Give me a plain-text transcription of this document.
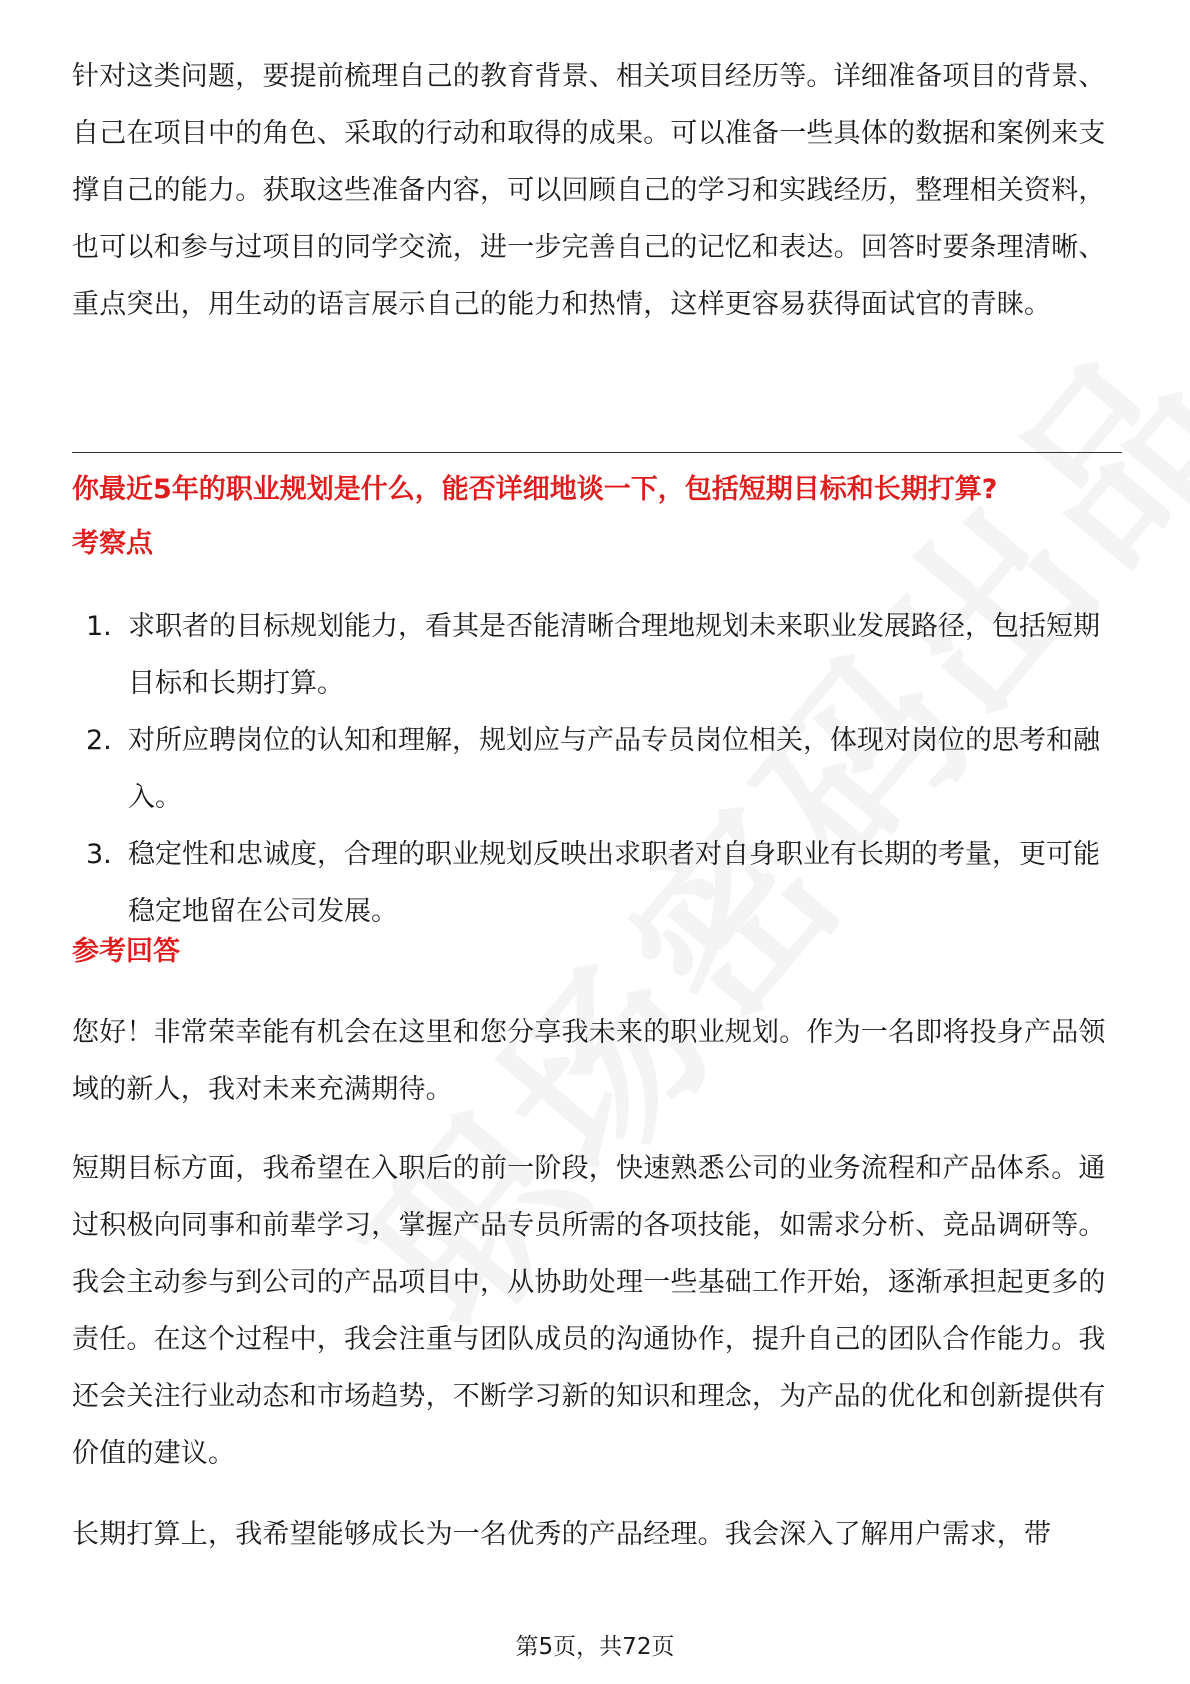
针对这类问题，要提前梳理自己的教育背景、相关项目经历等。详细准备项目的背景、自己在项目中的角色、采取的行动和取得的成果。可以准备一些具体的数据和案例来支撑自己的能力。获取这些准备内容，可以回顾自己的学习和实践经历，整理相关资料，也可以和参与过项目的同学交流，进一步完善自己的记忆和表达。回答时要条理清晰、重点突出，用生动的语言展示自己的能力和热情，这样更容易获得面试官的青睐。

你最近5年的职业规划是什么，能否详细地谈一下，包括短期目标和长期打算?

考察点

1. 求职者的目标规划能力，看其是否能清晰合理地规划未来职业发展路径，包括短期目标和长期打算。
2. 对所应聘岗位的认知和理解，规划应与产品专员岗位相关，体现对岗位的思考和融入。
3. 稳定性和忠诚度，合理的职业规划反映出求职者对自身职业有长期的考量，更可能稳定地留在公司发展。

参考回答

您好！非常荣幸能有机会在这里和您分享我未来的职业规划。作为一名即将投身产品领域的新人，我对未来充满期待。

短期目标方面，我希望在入职后的前一阶段，快速熟悉公司的业务流程和产品体系。通过积极向同事和前辈学习，掌握产品专员所需的各项技能，如需求分析、竞品调研等。我会主动参与到公司的产品项目中，从协助处理一些基础工作开始，逐渐承担起更多的责任。在这个过程中，我会注重与团队成员的沟通协作，提升自己的团队合作能力。我还会关注行业动态和市场趋势，不断学习新的知识和理念，为产品的优化和创新提供有价值的建议。

长期打算上，我希望能够成长为一名优秀的产品经理。我会深入了解用户需求，带

第5页，共72页
